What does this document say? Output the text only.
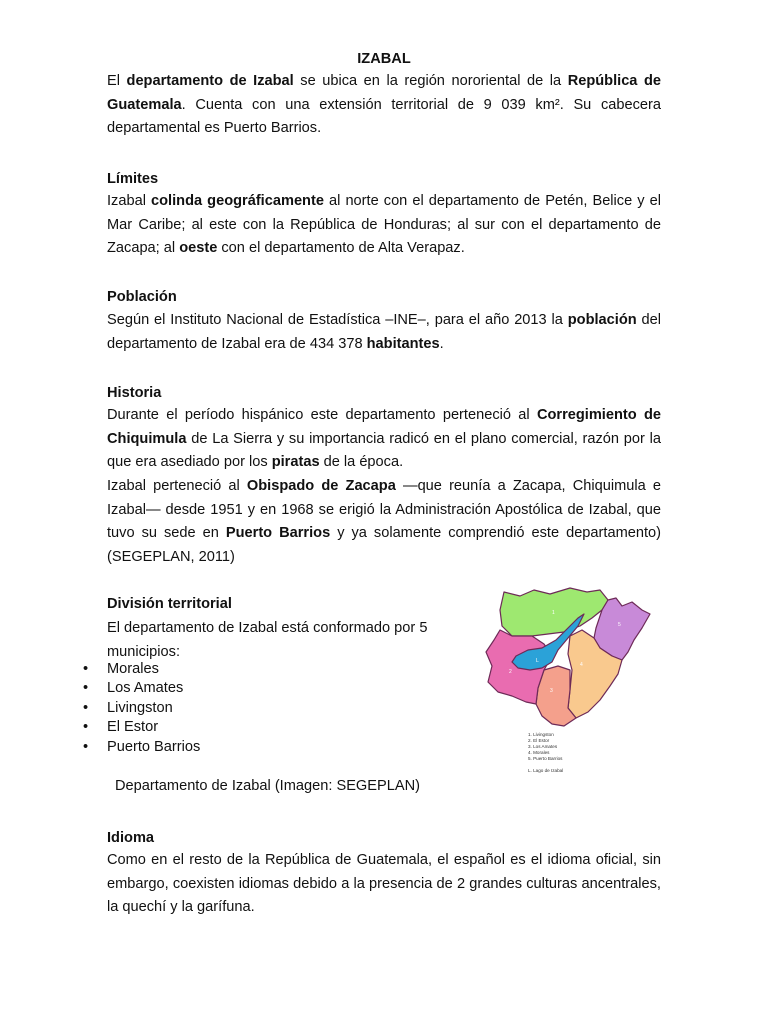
IZABAL
El departamento de Izabal se ubica en la región nororiental de la República de Guatemala. Cuenta con una extensión territorial de 9 039 km². Su cabecera departamental es Puerto Barrios.
Límites
Izabal colinda geográficamente al norte con el departamento de Petén, Belice y el Mar Caribe; al este con la República de Honduras; al sur con el departamento de Zacapa; al oeste con el departamento de Alta Verapaz.
Población
Según el Instituto Nacional de Estadística –INE–, para el año 2013 la población del departamento de Izabal era de 434 378 habitantes.
Historia
Durante el período hispánico este departamento perteneció al Corregimiento de Chiquimula de La Sierra y su importancia radicó en el plano comercial, razón por la que era asediado por los piratas de la época.
Izabal perteneció al Obispado de Zacapa —que reunía a Zacapa, Chiquimula e Izabal— desde 1951 y en 1968 se erigió la Administración Apostólica de Izabal, que tuvo su sede en Puerto Barrios y ya solamente comprendió este departamento) (SEGEPLAN, 2011)
División territorial
El departamento de Izabal está conformado por 5 municipios:
• Morales
• Los Amates
• Livingston
• El Estor
• Puerto Barrios
1
2
3
4
5
L
1. Livingston
2. El Estor
3. Los Amates
4. Morales
5. Puerto Barrios
L. Lago de Izabal
Departamento de Izabal (Imagen: SEGEPLAN)
Idioma
Como en el resto de la República de Guatemala, el español es el idioma oficial, sin embargo, coexisten idiomas debido a la presencia de 2 grandes culturas ancentrales, la quechí y la garífuna.
